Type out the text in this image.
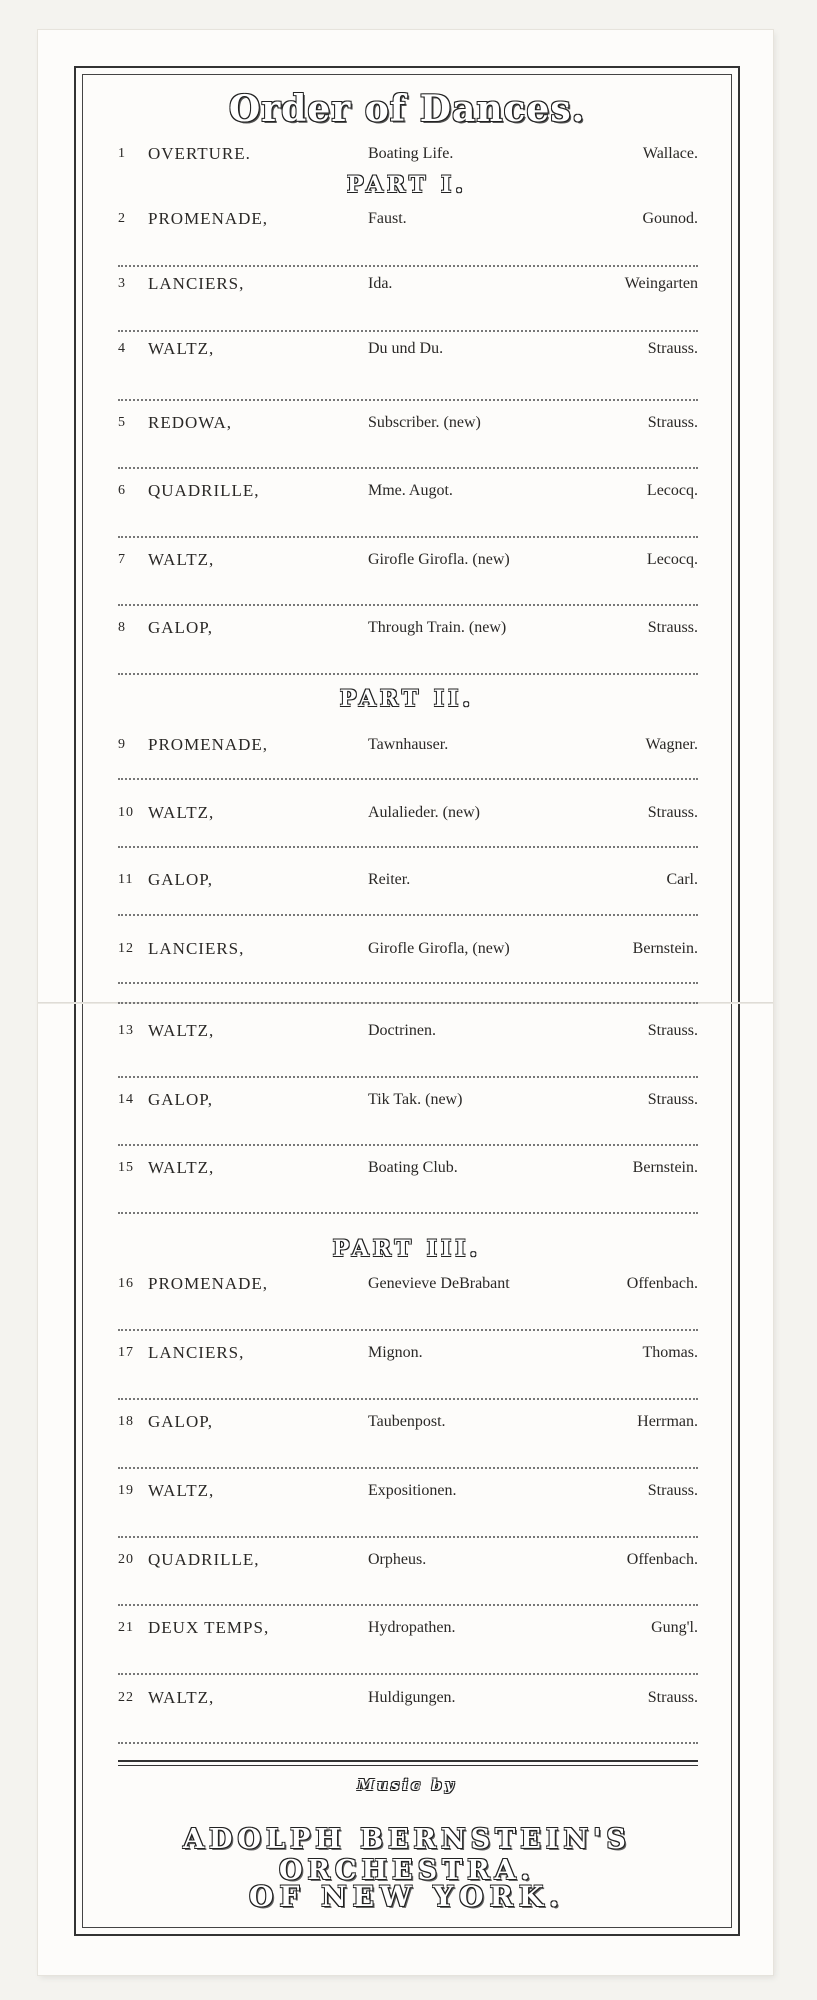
Order of Dances.
1	OVERTURE.	Boating Life.	Wallace.
PART I.
PART II.
PART III.
2	PROMENADE,	Faust.	Gounod.
3	LANCIERS,	Ida.	Weingarten
4	WALTZ,	Du und Du.	Strauss.
5	REDOWA,	Subscriber. (new)	Strauss.
6	QUADRILLE,	Mme. Augot.	Lecocq.
7	WALTZ,	Girofle Girofla. (new)	Lecocq.
8	GALOP,	Through Train. (new)	Strauss.
9	PROMENADE,	Tawnhauser.	Wagner.
10 WALTZ,	Aulalieder. (new)	Strauss.
11 GALOP,	Reiter.	Carl.
12 LANCIERS,	Girofle Girofla, (new)	Bernstein.
13 WALTZ,	Doctrinen.	Strauss.
14 GALOP,	Tik Tak. (new)	Strauss.
15 WALTZ,	Boating Club.	Bernstein.
16 PROMENADE,	Genevieve DeBrabant	Offenbach.
17 LANCIERS,	Mignon.	Thomas.
18 GALOP,	Taubenpost.	Herrman.
19 WALTZ,	Expositionen.	Strauss.
20 QUADRILLE,	Orpheus.	Offenbach.
21 DEUX TEMPS,	Hydropathen.	Gung'l.
22 WALTZ,	Huldigungen.	Strauss.
Music by
ADOLPH BERNSTEIN'S ORCHESTRA.
OF NEW YORK.
